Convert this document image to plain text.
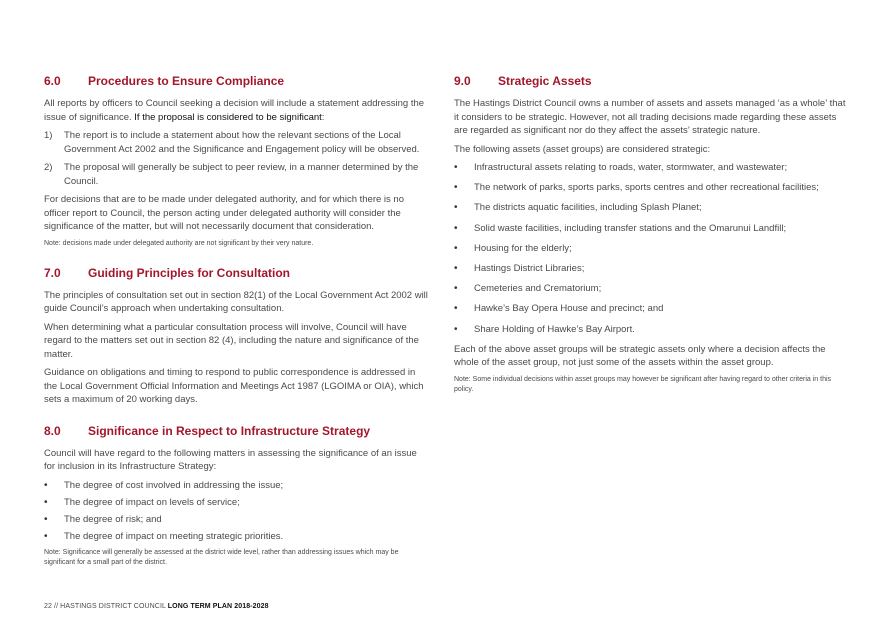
6.0	Procedures to Ensure Compliance

All reports by officers to Council seeking a decision will include a statement addressing the issue of significance. If the proposal is considered to be significant:

1)	The report is to include a statement about how the relevant sections of the Local Government Act 2002 and the Significance and Engagement policy will be observed.
2)	The proposal will generally be subject to peer review, in a manner determined by the Council.

For decisions that are to be made under delegated authority, and for which there is no officer report to Council, the person acting under delegated authority will consider the significance of the matter, but will not necessarily document that consideration.

Note: decisions made under delegated authority are not significant by their very nature.

7.0	Guiding Principles for Consultation

The principles of consultation set out in section 82(1) of the Local Government Act 2002 will guide Council’s approach when undertaking consultation.

When determining what a particular consultation process will involve, Council will have regard to the matters set out in section 82 (4), including the nature and significance of the matter.

Guidance on obligations and timing to respond to public correspondence is addressed in the Local Government Official Information and Meetings Act 1987 (LGOIMA or OIA), which sets a maximum of 20 working days.

8.0	Significance in Respect to Infrastructure Strategy

Council will have regard to the following matters in assessing the significance of an issue for inclusion in its Infrastructure Strategy:

•	The degree of cost involved in addressing the issue;
•	The degree of impact on levels of service;
•	The degree of risk; and
•	The degree of impact on meeting strategic priorities.

Note: Significance will generally be assessed at the district wide level, rather than addressing issues which may be significant for a small part of the district.

9.0	Strategic Assets

The Hastings District Council owns a number of assets and assets managed ‘as a whole’ that it considers to be strategic. However, not all trading decisions made regarding these assets are regarded as significant nor do they affect the assets’ strategic nature.

The following assets (asset groups) are considered strategic:

•	Infrastructural assets relating to roads, water, stormwater, and wastewater;
•	The network of parks, sports parks, sports centres and other recreational facilities;
•	The districts aquatic facilities, including Splash Planet;
•	Solid waste facilities, including transfer stations and the Omarunui Landfill;
•	Housing for the elderly;
•	Hastings District Libraries;
•	Cemeteries and Crematorium;
•	Hawke’s Bay Opera House and precinct; and
•	Share Holding of Hawke’s Bay Airport.

Each of the above asset groups will be strategic assets only where a decision affects the whole of the asset group, not just some of the assets within the asset group.

Note: Some individual decisions within asset groups may however be significant after having regard to other criteria in this policy.

22 // HASTINGS DISTRICT COUNCIL LONG TERM PLAN 2018-2028
